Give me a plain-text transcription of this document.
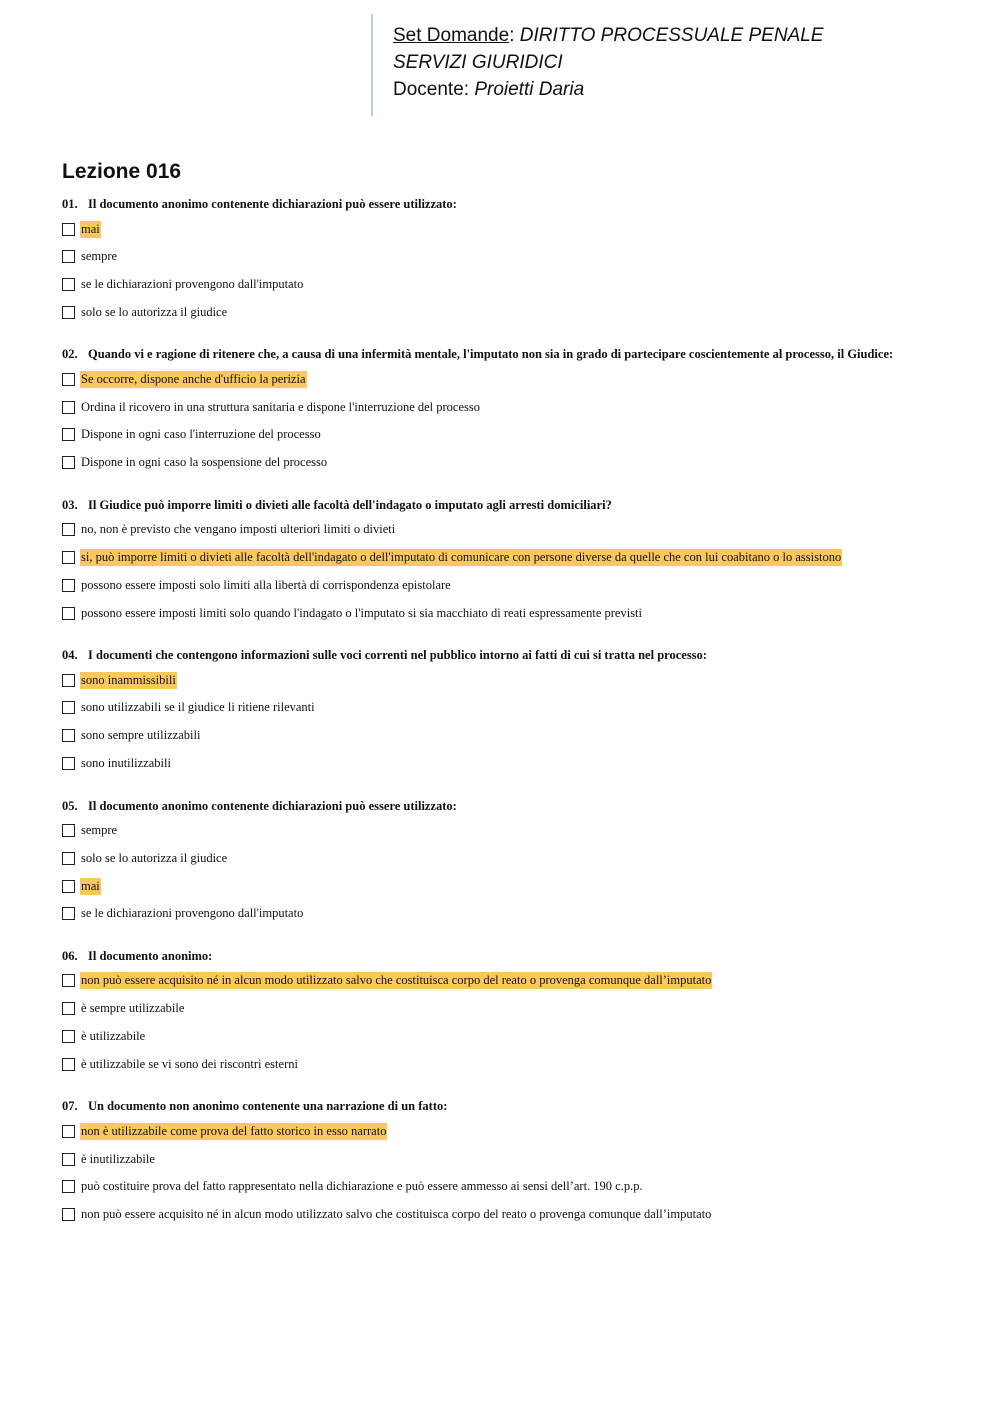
Set Domande: DIRITTO PROCESSUALE PENALE
SERVIZI GIURIDICI
Docente: Proietti Daria
Lezione 016
01. Il documento anonimo contenente dichiarazioni può essere utilizzato:
mai
sempre
se le dichiarazioni provengono dall'imputato
solo se lo autorizza il giudice
02. Quando vi e ragione di ritenere che, a causa di una infermità mentale, l'imputato non sia in grado di partecipare coscientemente al processo, il Giudice:
Se occorre, dispone anche d'ufficio la perizia
Ordina il ricovero in una struttura sanitaria e dispone l'interruzione del processo
Dispone in ogni caso l'interruzione del processo
Dispone in ogni caso la sospensione del processo
03. Il Giudice può imporre limiti o divieti alle facoltà dell'indagato o imputato agli arresti domiciliari?
no, non è previsto che vengano imposti ulteriori limiti o divieti
si, può imporre limiti o divieti alle facoltà dell'indagato o dell'imputato di comunicare con persone diverse da quelle che con lui coabitano o lo assistono
possono essere imposti solo limiti alla libertà di corrispondenza epistolare
possono essere imposti limiti solo quando l'indagato o l'imputato si sia macchiato di reati espressamente previsti
04. I documenti che contengono informazioni sulle voci correnti nel pubblico intorno ai fatti di cui si tratta nel processo:
sono inammissibili
sono utilizzabili se il giudice li ritiene rilevanti
sono sempre utilizzabili
sono inutilizzabili
05. Il documento anonimo contenente dichiarazioni può essere utilizzato:
sempre
solo se lo autorizza il giudice
mai
se le dichiarazioni provengono dall'imputato
06. Il documento anonimo:
non può essere acquisito né in alcun modo utilizzato salvo che costituisca corpo del reato o provenga comunque dall’imputato
è sempre utilizzabile
è utilizzabile
è utilizzabile se vi sono dei riscontri esterni
07. Un documento non anonimo contenente una narrazione di un fatto:
non è utilizzabile come prova del fatto storico in esso narrato
è inutilizzabile
può costituire prova del fatto rappresentato nella dichiarazione e può essere ammesso ai sensi dell’art. 190 c.p.p.
non può essere acquisito né in alcun modo utilizzato salvo che costituisca corpo del reato o provenga comunque dall’imputato
